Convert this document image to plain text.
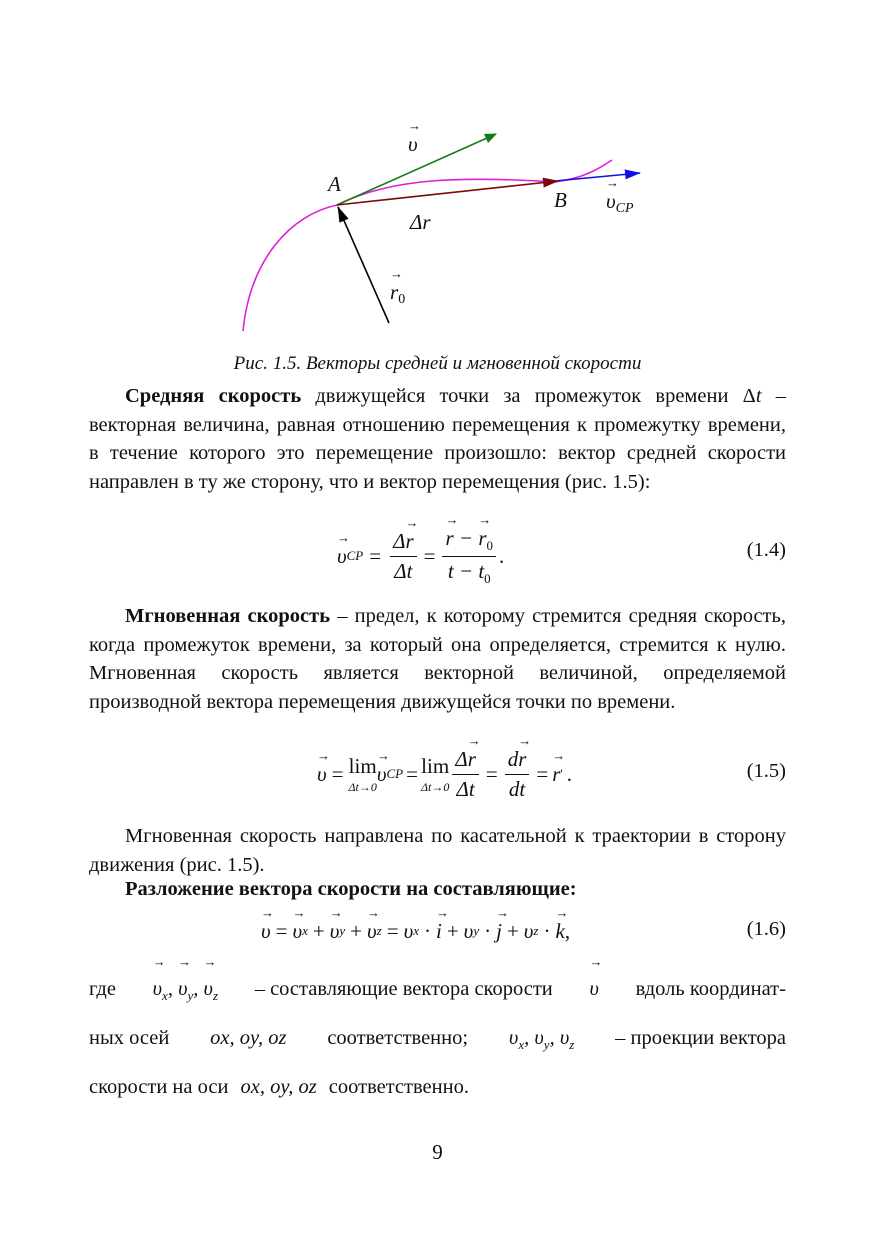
→
υ
A
B
→
$\upsilon_{CP}$
Δr
→
$r_0$
Рис. 1.5. Векторы средней и мгновенной скорости
Средняя скорость движущейся точки за промежуток времени Δt – векторная величина, равная отношению перемещения к промежутку времени, в течение которого это перемещение произошло: вектор средней скорости направлен в ту же сторону, что и вектор перемещения (рис. 1.5):
→
υ CP = Δ
→
r
Δt = →
r −
→
$r_0$
$t - t_0$ .	(1.4)
Мгновенная скорость – предел, к которому стремится средняя скорость, когда промежуток времени, за который она определяется, стремится к нулю. Мгновенная скорость является векторной величиной, определяемой производной вектора перемещения движущейся точки по времени.
→
υ = lim
Δt→0
→
υ CP = lim
Δt→0 Δ
→
r
Δt = d
→
r
dt =
→
r ' .	(1.5)
Мгновенная скорость направлена по касательной к траектории в сторону движения (рис. 1.5).
Разложение вектора скорости на составляющие:
→
υ =
→
υ x +
→
υ y +
→
υ z = υ x ·
→
i + υ y ·
→
j + υ z ·
→
k ,	(1.6)
где
→
$\upsilon_x$,
→
$\upsilon_y$,
→
$\upsilon_z$ – составляющие вектора скорости
→
υ вдоль координат-
ных осей ox, oy, oz соответственно; $\upsilon_x$, $\upsilon_y$, $\upsilon_z$ – проекции вектора
скорости на оси ox, oy, oz соответственно.
9
